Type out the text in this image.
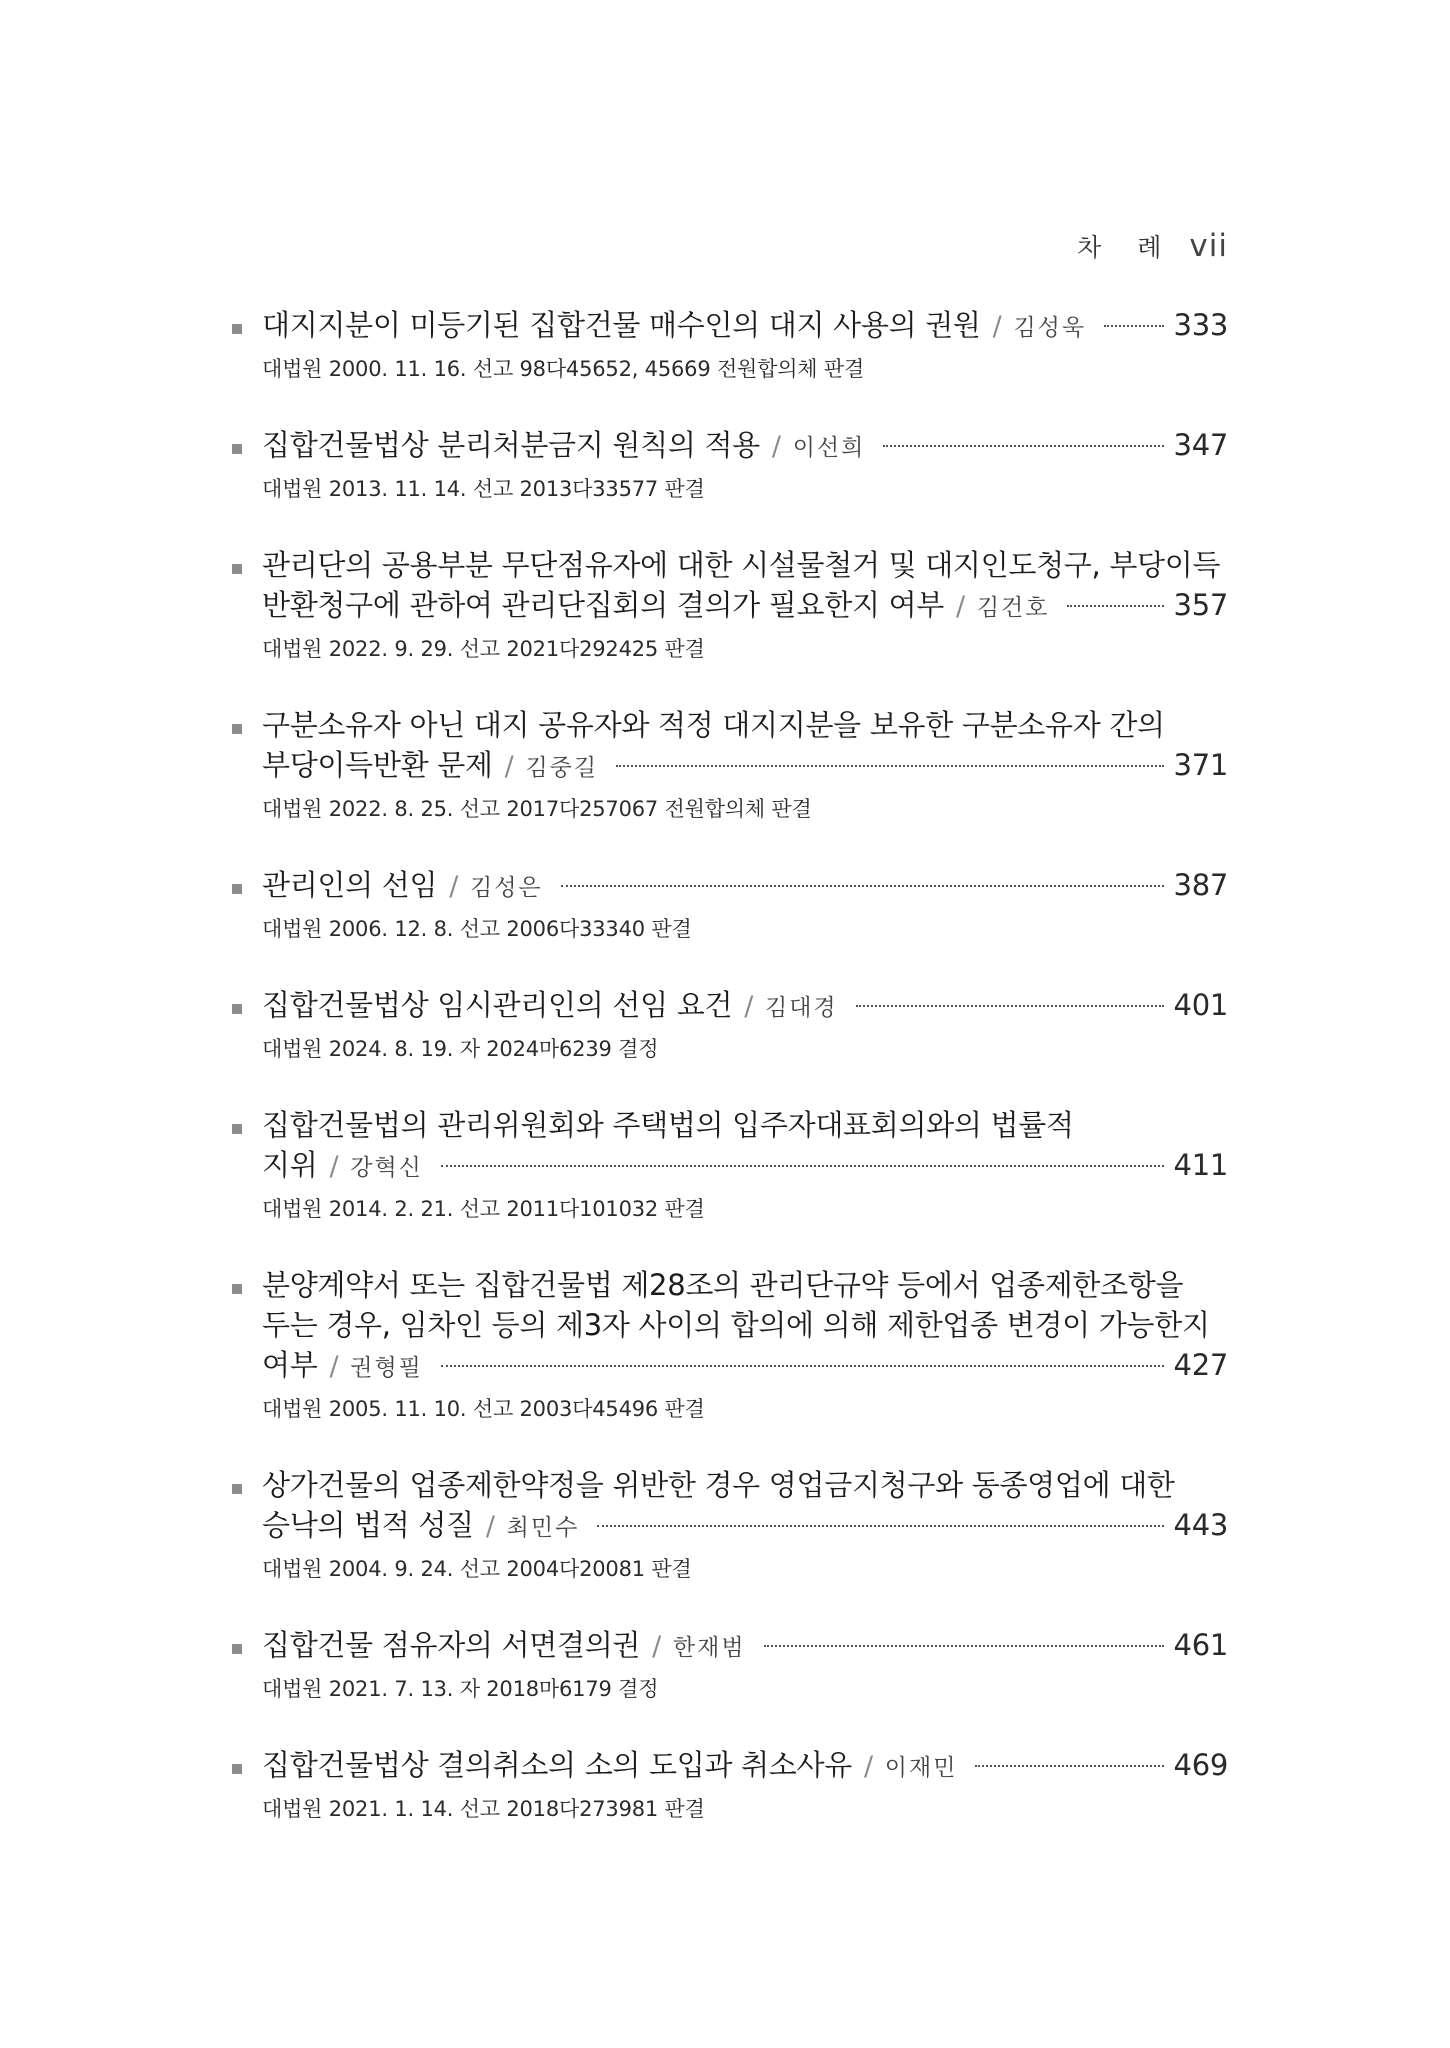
차 례 vii
대지지분이 미등기된 집합건물 매수인의 대지 사용의 권원 / 김성욱	333
대법원 2000. 11. 16. 선고 98다45652, 45669 전원합의체 판결
집합건물법상 분리처분금지 원칙의 적용 / 이선희	347
대법원 2013. 11. 14. 선고 2013다33577 판결
관리단의 공용부분 무단점유자에 대한 시설물철거 및 대지인도청구, 부당이득
반환청구에 관하여 관리단집회의 결의가 필요한지 여부 / 김건호	357
대법원 2022. 9. 29. 선고 2021다292425 판결
구분소유자 아닌 대지 공유자와 적정 대지지분을 보유한 구분소유자 간의
부당이득반환 문제 / 김중길	371
대법원 2022. 8. 25. 선고 2017다257067 전원합의체 판결
관리인의 선임 / 김성은	387
대법원 2006. 12. 8. 선고 2006다33340 판결
집합건물법상 임시관리인의 선임 요건 / 김대경	401
대법원 2024. 8. 19. 자 2024마6239 결정
집합건물법의 관리위원회와 주택법의 입주자대표회의와의 법률적
지위 / 강혁신	411
대법원 2014. 2. 21. 선고 2011다101032 판결
분양계약서 또는 집합건물법 제28조의 관리단규약 등에서 업종제한조항을
두는 경우, 임차인 등의 제3자 사이의 합의에 의해 제한업종 변경이 가능한지
여부 / 권형필	427
대법원 2005. 11. 10. 선고 2003다45496 판결
상가건물의 업종제한약정을 위반한 경우 영업금지청구와 동종영업에 대한
승낙의 법적 성질 / 최민수	443
대법원 2004. 9. 24. 선고 2004다20081 판결
집합건물 점유자의 서면결의권 / 한재범	461
대법원 2021. 7. 13. 자 2018마6179 결정
집합건물법상 결의취소의 소의 도입과 취소사유 / 이재민	469
대법원 2021. 1. 14. 선고 2018다273981 판결
